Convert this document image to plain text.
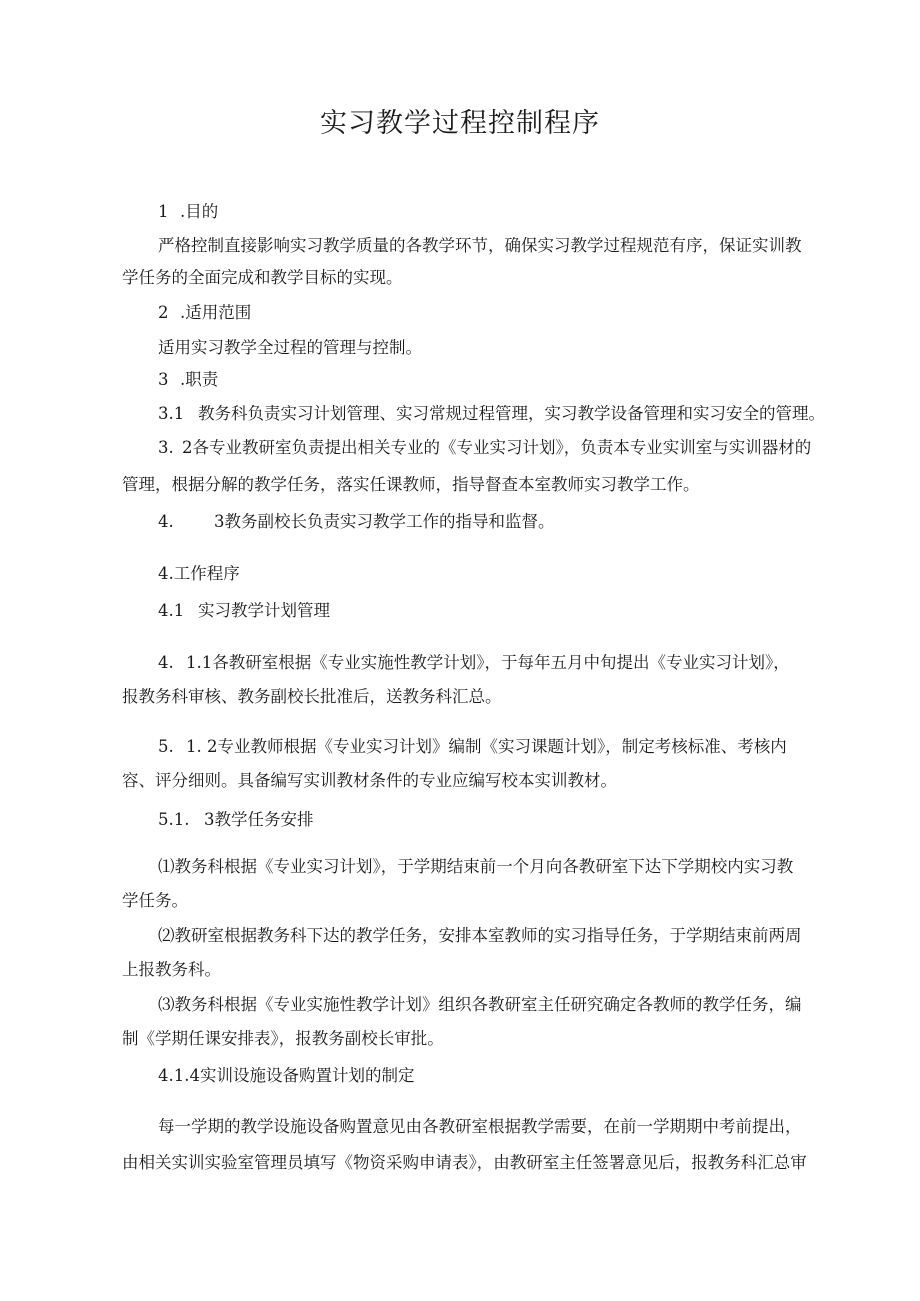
实习教学过程控制程序
1 .目的
严格控制直接影响实习教学质量的各教学环节，确保实习教学过程规范有序，保证实训教
学任务的全面完成和教学目标的实现。
2 .适用范围
适用实习教学全过程的管理与控制。
3 .职责
3.1 教务科负责实习计划管理、实习常规过程管理，实习教学设备管理和实习安全的管理。
3. 2各专业教研室负责提出相关专业的《专业实习计划》，负责本专业实训室与实训器材的
管理，根据分解的教学任务，落实任课教师，指导督查本室教师实习教学工作。
4. 3教务副校长负责实习教学工作的指导和监督。
4.工作程序
4.1 实习教学计划管理
4. 1.1各教研室根据《专业实施性教学计划》，于每年五月中旬提出《专业实习计划》，
报教务科审核、教务副校长批准后，送教务科汇总。
5. 1. 2专业教师根据《专业实习计划》编制《实习课题计划》，制定考核标准、考核内
容、评分细则。具备编写实训教材条件的专业应编写校本实训教材。
5.1. 3教学任务安排
⑴教务科根据《专业实习计划》，于学期结束前一个月向各教研室下达下学期校内实习教
学任务。
⑵教研室根据教务科下达的教学任务，安排本室教师的实习指导任务，于学期结束前两周
上报教务科。
⑶教务科根据《专业实施性教学计划》组织各教研室主任研究确定各教师的教学任务，编
制《学期任课安排表》，报教务副校长审批。
4.1.4实训设施设备购置计划的制定
每一学期的教学设施设备购置意见由各教研室根据教学需要，在前一学期期中考前提出，
由相关实训实验室管理员填写《物资采购申请表》，由教研室主任签署意见后，报教务科汇总审
